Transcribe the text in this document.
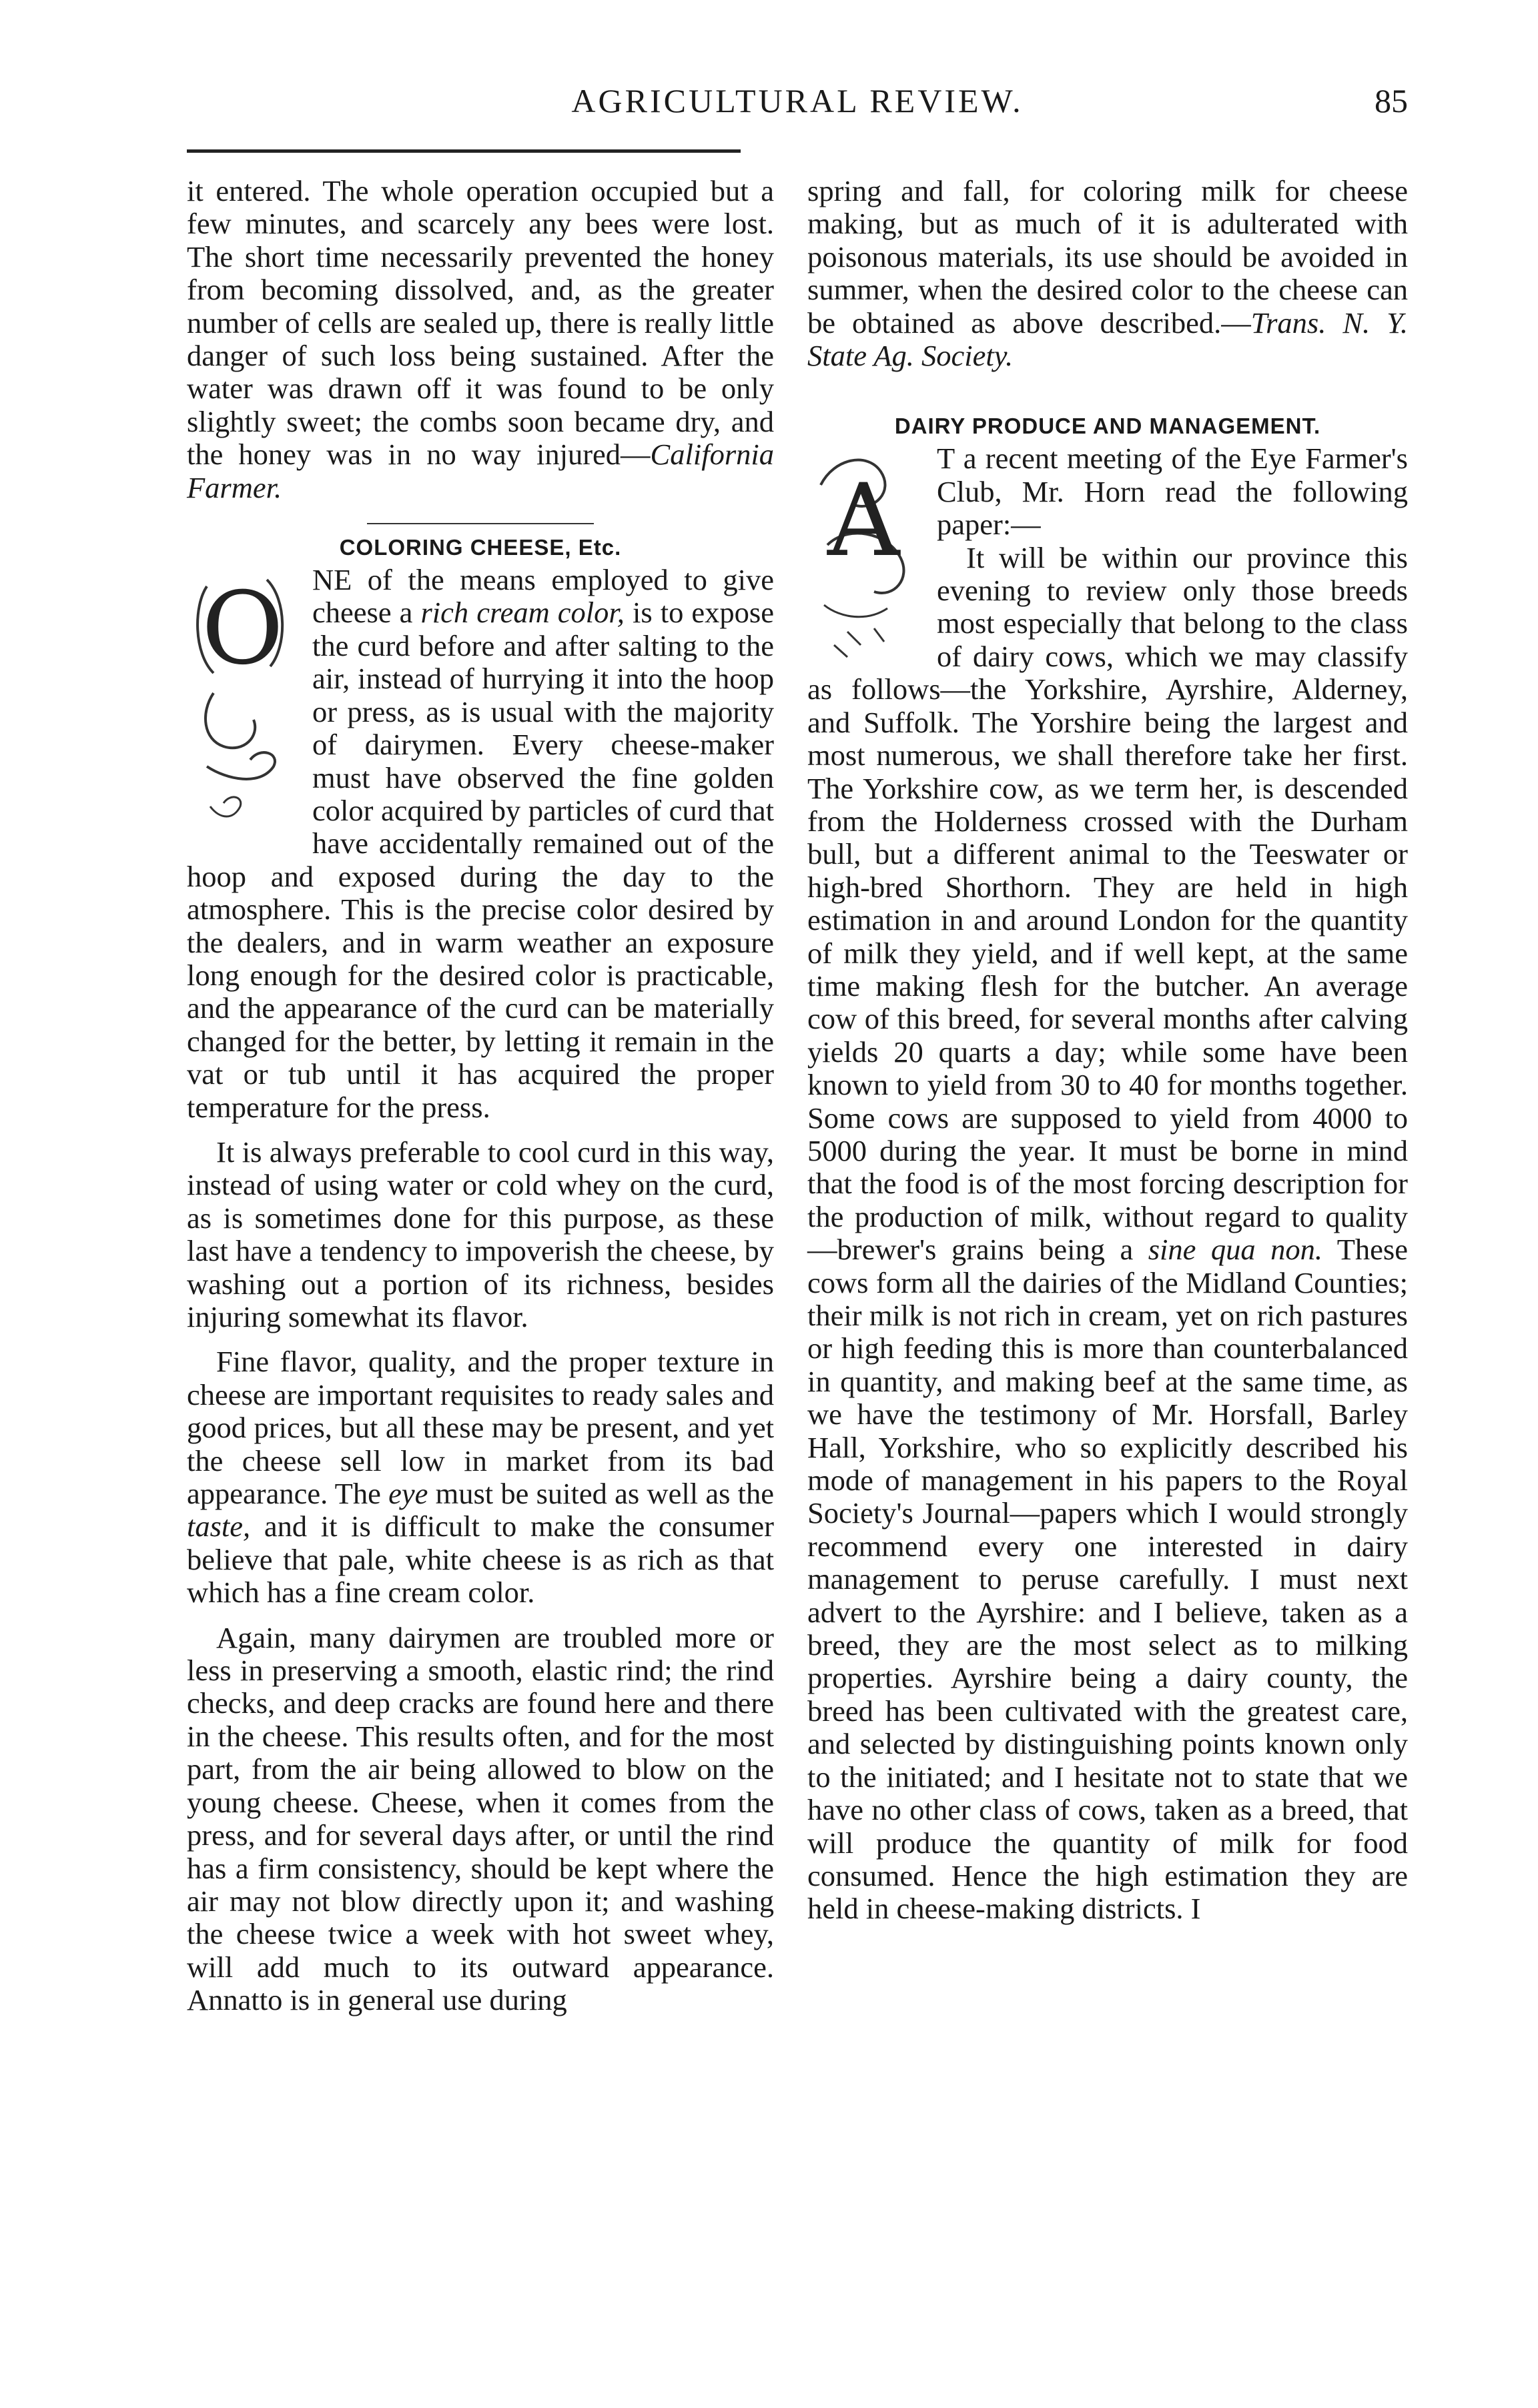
AGRICULTURAL REVIEW.	85

it entered. The whole operation occupied but a few minutes, and scarcely any bees were lost. The short time necessarily prevented the honey from becoming dissolved, and, as the greater number of cells are sealed up, there is really little danger of such loss being sustained. After the water was drawn off it was found to be only slightly sweet; the combs soon became dry, and the honey was in no way injured—California Farmer.

COLORING CHEESE, Etc.
O NE of the means employed to give cheese a rich cream color, is to expose the curd before and after salting to the air, instead of hurrying it into the hoop or press, as is usual with the majority of dairymen. Every cheese-maker must have observed the fine golden color acquired by particles of curd that have accidentally remained out of the hoop and exposed during the day to the atmosphere. This is the precise color desired by the dealers, and in warm weather an exposure long enough for the desired color is practicable, and the appearance of the curd can be materially changed for the better, by letting it remain in the vat or tub until it has acquired the proper temperature for the press.

It is always preferable to cool curd in this way, instead of using water or cold whey on the curd, as is sometimes done for this purpose, as these last have a tendency to impoverish the cheese, by washing out a portion of its richness, besides injuring somewhat its flavor.

Fine flavor, quality, and the proper texture in cheese are important requisites to ready sales and good prices, but all these may be present, and yet the cheese sell low in market from its bad appearance. The eye must be suited as well as the taste, and it is difficult to make the consumer believe that pale, white cheese is as rich as that which has a fine cream color.

Again, many dairymen are troubled more or less in preserving a smooth, elastic rind; the rind checks, and deep cracks are found here and there in the cheese. This results often, and for the most part, from the air being allowed to blow on the young cheese. Cheese, when it comes from the press, and for several days after, or until the rind has a firm consistency, should be kept where the air may not blow directly upon it; and washing the cheese twice a week with hot sweet whey, will add much to its outward appearance. Annatto is in general use during

spring and fall, for coloring milk for cheese making, but as much of it is adulterated with poisonous materials, its use should be avoided in summer, when the desired color to the cheese can be obtained as above described.—Trans. N. Y. State Ag. Society.

DAIRY PRODUCE AND MANAGEMENT.
A

T a recent meeting of the Eye Farmer's Club, Mr. Horn read the following paper:—

It will be within our province this evening to review only those breeds most especially that belong to the class of dairy cows, which we may classify as follows—the Yorkshire, Ayrshire, Alderney, and Suffolk. The Yorshire being the largest and most numerous, we shall therefore take her first. The Yorkshire cow, as we term her, is descended from the Holderness crossed with the Durham bull, but a different animal to the Teeswater or high-bred Shorthorn. They are held in high estimation in and around London for the quantity of milk they yield, and if well kept, at the same time making flesh for the butcher. An average cow of this breed, for several months after calving yields 20 quarts a day; while some have been known to yield from 30 to 40 for months together. Some cows are supposed to yield from 4000 to 5000 during the year. It must be borne in mind that the food is of the most forcing description for the production of milk, without regard to quality —brewer's grains being a sine qua non. These cows form all the dairies of the Midland Counties; their milk is not rich in cream, yet on rich pastures or high feeding this is more than counterbalanced in quantity, and making beef at the same time, as we have the testimony of Mr. Horsfall, Barley Hall, Yorkshire, who so explicitly described his mode of management in his papers to the Royal Society's Journal—papers which I would strongly recommend every one interested in dairy management to peruse carefully. I must next advert to the Ayrshire: and I believe, taken as a breed, they are the most select as to milking properties. Ayrshire being a dairy county, the breed has been cultivated with the greatest care, and selected by distinguishing points known only to the initiated; and I hesitate not to state that we have no other class of cows, taken as a breed, that will produce the quantity of milk for food consumed. Hence the high estimation they are held in cheese-making districts. I
